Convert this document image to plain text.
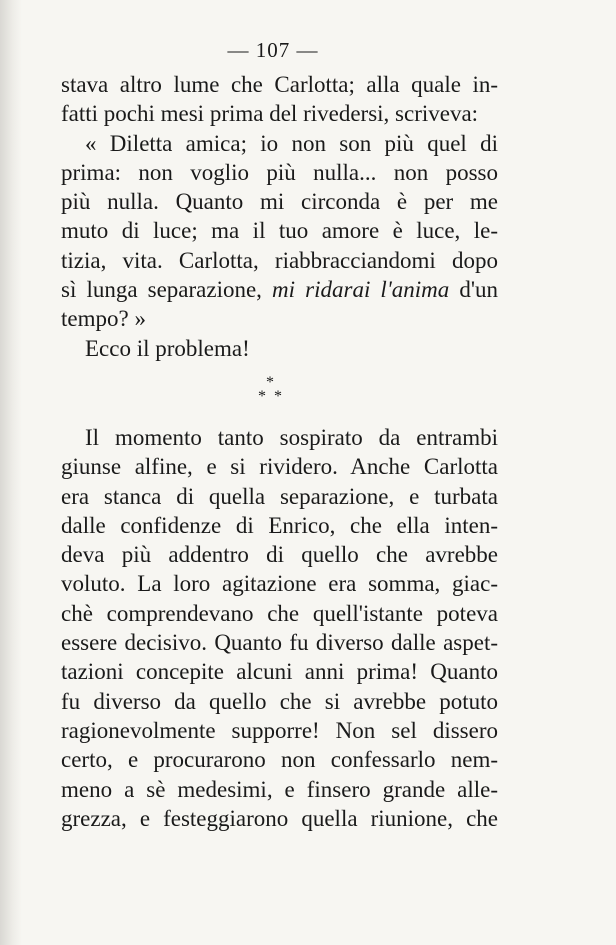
— 107 —
stava altro lume che Carlotta; alla quale in-
fatti pochi mesi prima del rivedersi, scriveva:
« Diletta amica; io non son più quel di
prima: non voglio più nulla... non posso
più nulla. Quanto mi circonda è per me
muto di luce; ma il tuo amore è luce, le-
tizia, vita. Carlotta, riabbracciandomi dopo
sì lunga separazione, mi ridarai l'anima d'un
tempo? »
Ecco il problema!
*
* *
Il momento tanto sospirato da entrambi
giunse alfine, e si rividero. Anche Carlotta
era stanca di quella separazione, e turbata
dalle confidenze di Enrico, che ella inten-
deva più addentro di quello che avrebbe
voluto. La loro agitazione era somma, giac-
chè comprendevano che quell'istante poteva
essere decisivo. Quanto fu diverso dalle aspet-
tazioni concepite alcuni anni prima! Quanto
fu diverso da quello che si avrebbe potuto
ragionevolmente supporre! Non sel dissero
certo, e procurarono non confessarlo nem-
meno a sè medesimi, e finsero grande alle-
grezza, e festeggiarono quella riunione, che
